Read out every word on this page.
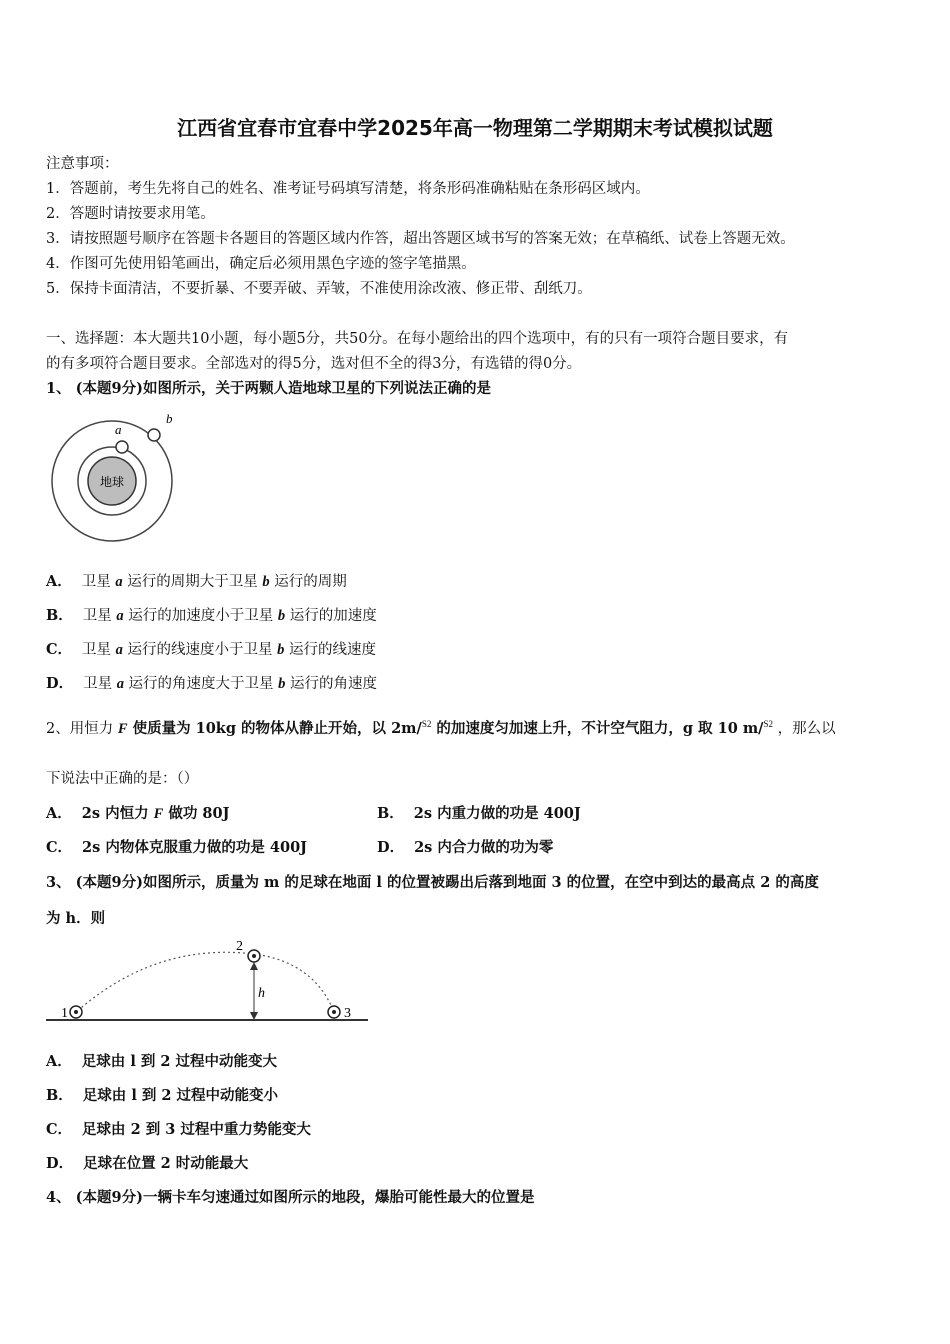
江西省宜春市宜春中学2025年高一物理第二学期期末考试模拟试题
注意事项：
1．答题前，考生先将自己的姓名、准考证号码填写清楚，将条形码准确粘贴在条形码区域内。
2．答题时请按要求用笔。
3．请按照题号顺序在答题卡各题目的答题区域内作答，超出答题区域书写的答案无效；在草稿纸、试卷上答题无效。
4．作图可先使用铅笔画出，确定后必须用黑色字迹的签字笔描黑。
5．保持卡面清洁，不要折暴、不要弄破、弄皱，不准使用涂改液、修正带、刮纸刀。
一、选择题：本大题共10小题，每小题5分，共50分。在每小题给出的四个选项中，有的只有一项符合题目要求，有
的有多项符合题目要求。全部选对的得5分，选对但不全的得3分，有选错的得0分。
1、 (本题9分)如图所示，关于两颗人造地球卫星的下列说法正确的是
地球
a
b
A． 卫星 a 运行的周期大于卫星 b 运行的周期
B． 卫星 a 运行的加速度小于卫星 b 运行的加速度
C． 卫星 a 运行的线速度小于卫星 b 运行的线速度
D． 卫星 a 运行的角速度大于卫星 b 运行的角速度
2、用恒力 F 使质量为 10kg 的物体从静止开始，以 2m/$^{S2}$ 的加速度匀加速上升，不计空气阻力，g 取 10 m/$^{S2}$ ，那么以
下说法中正确的是：（）
A． 2s 内恒力 F 做功 80J	B． 2s 内重力做的功是 400J
C． 2s 内物体克服重力做的功是 400J	D． 2s 内合力做的功为零
3、 (本题9分)如图所示，质量为 m 的足球在地面 l 的位置被踢出后落到地面 3 的位置，在空中到达的最高点 2 的高度
为 h．则
h
1
2
3
A． 足球由 l 到 2 过程中动能变大
B． 足球由 l 到 2 过程中动能变小
C． 足球由 2 到 3 过程中重力势能变大
D． 足球在位置 2 时动能最大
4、 (本题9分)一辆卡车匀速通过如图所示的地段，爆胎可能性最大的位置是
